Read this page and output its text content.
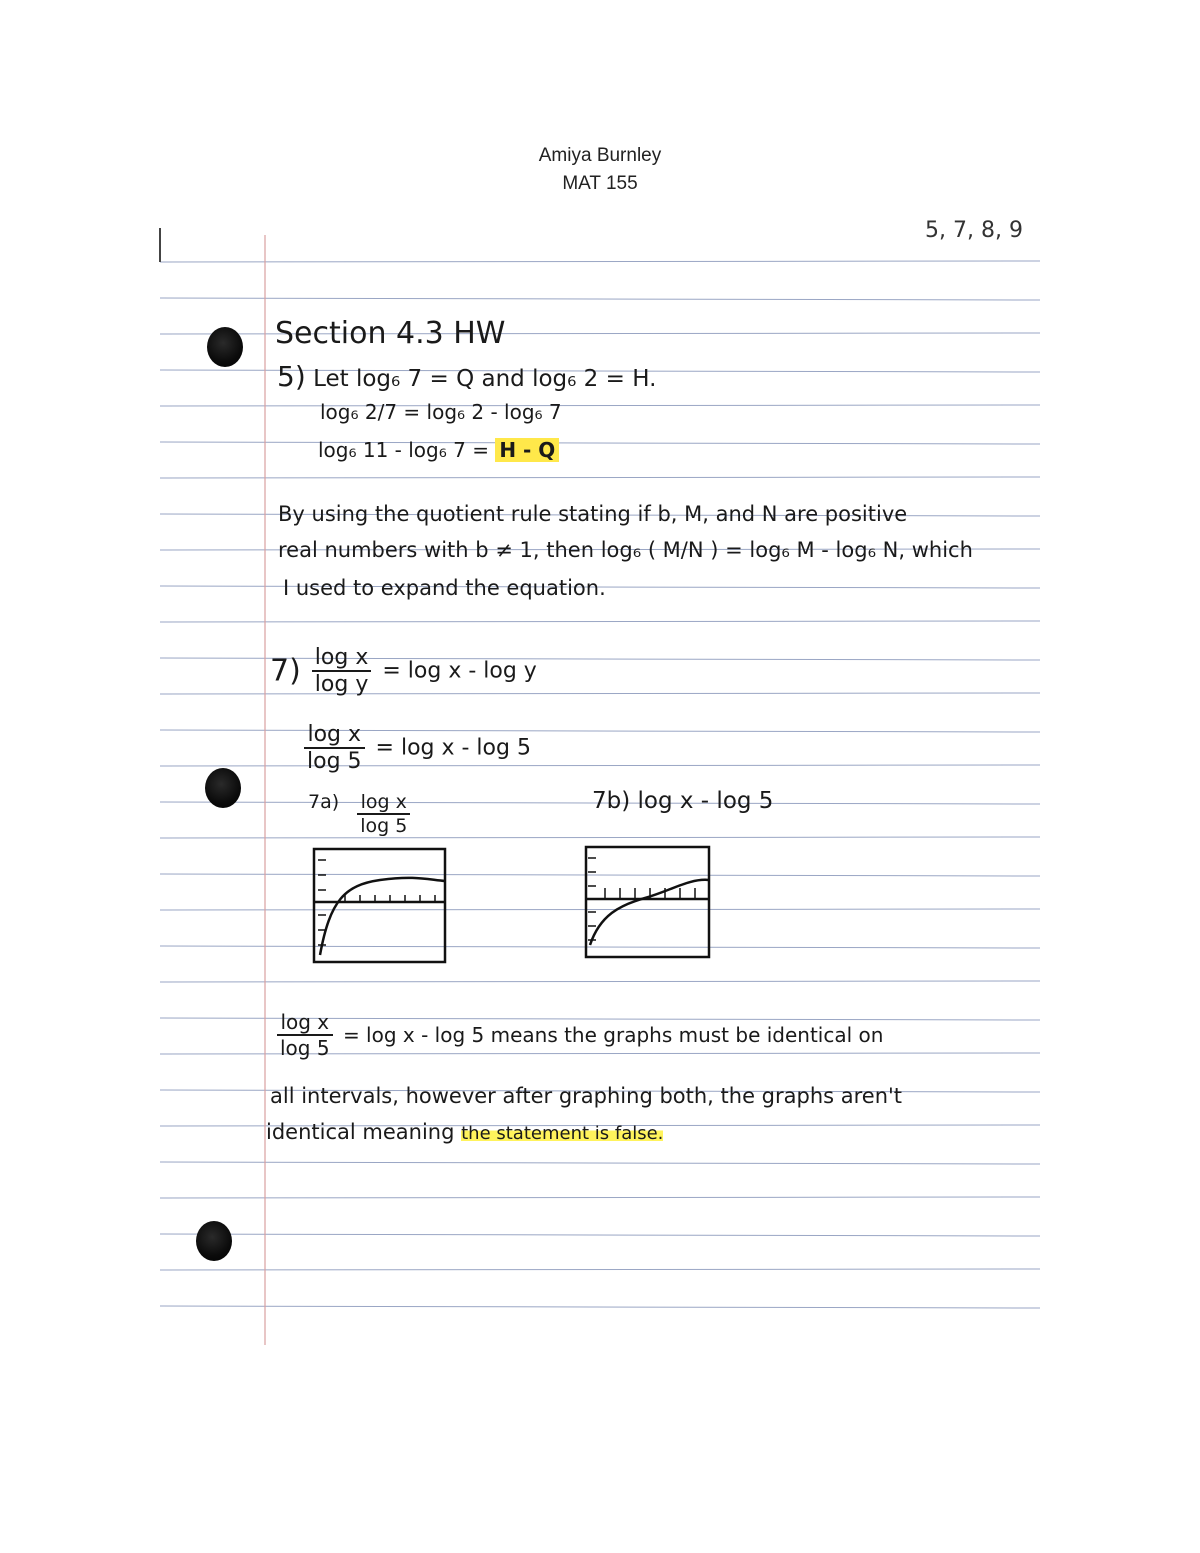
Amiya Burnley
MAT 155
5, 7, 8, 9
Section 4.3 HW
5) Let log₆ 7 = Q and log₆ 2 = H.
log₆ 2/7 = log₆ 2 - log₆ 7
log₆ 11 - log₆ 7 = H - Q
By using the quotient rule stating if b, M, and N are positive
real numbers with b ≠ 1, then log₆ ( M/N ) = log₆ M - log₆ N, which
I used to expand the equation.
$7) \frac{\text{log x}}{\text{log y}} = \log x - \log y$
$\frac{\text{log x}}{\log 5} = \log x - \log 5$
$7a) \frac{\text{log x}}{\log 5}$	7b) log x - log 5
$\frac{\text{log x}}{\log 5} = \log x - \log 5$ means the graphs must be identical on
all intervals, however after graphing both, the graphs aren't
identical meaning the statement is false.
